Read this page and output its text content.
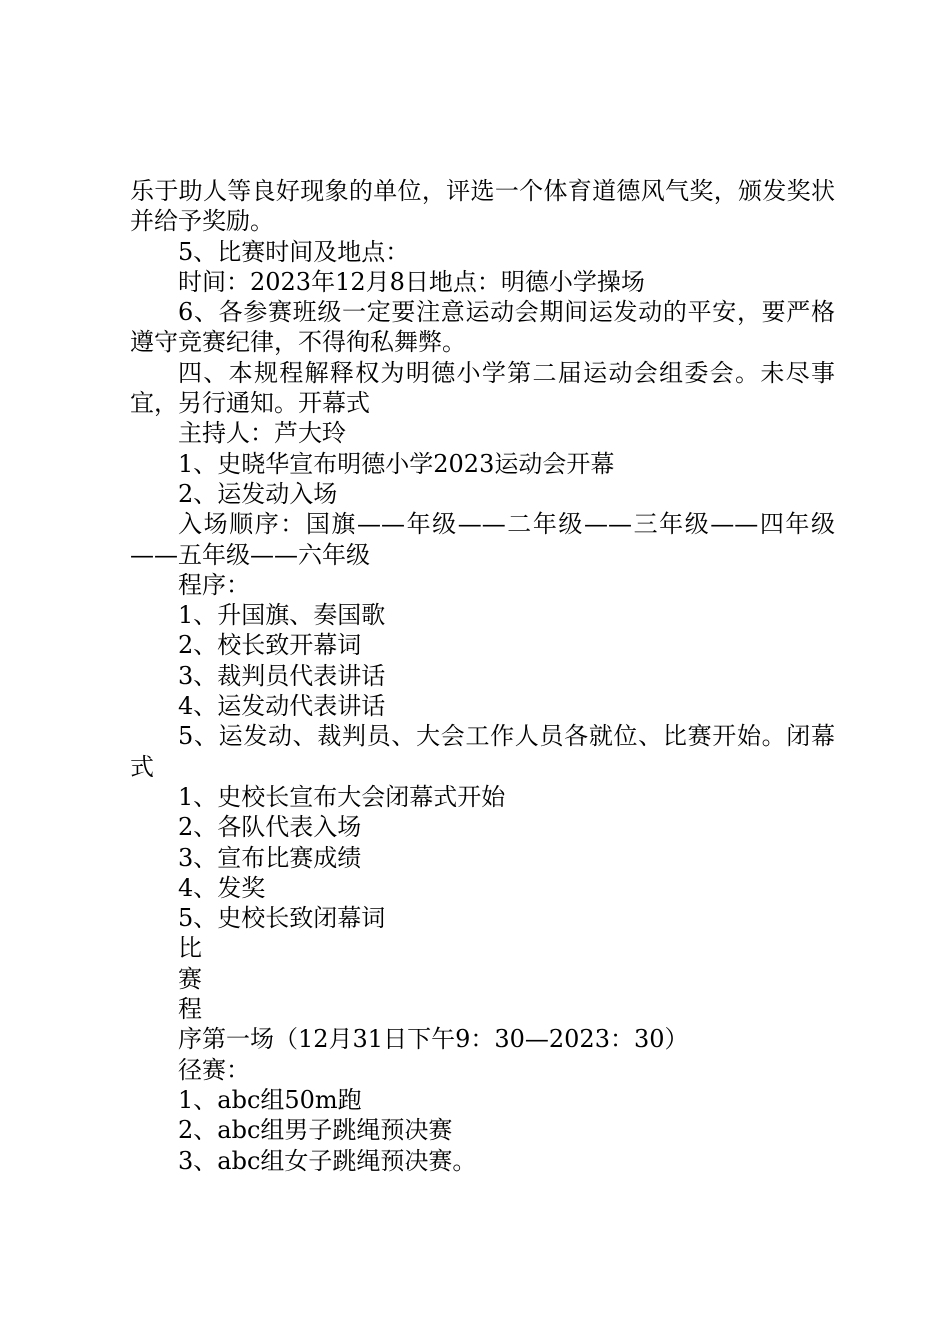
乐于助人等良好现象的单位，评选一个体育道德风气奖，颁发奖状并给予奖励。

5、比赛时间及地点：

时间：2023年12月8日地点：明德小学操场

6、各参赛班级一定要注意运动会期间运发动的平安，要严格遵守竞赛纪律，不得徇私舞弊。

四、本规程解释权为明德小学第二届运动会组委会。未尽事宜，另行通知。开幕式

主持人：芦大玲

1、史晓华宣布明德小学2023运动会开幕

2、运发动入场

入场顺序：国旗——年级——二年级——三年级——四年级——五年级——六年级

程序：

1、升国旗、奏国歌

2、校长致开幕词

3、裁判员代表讲话

4、运发动代表讲话

5、运发动、裁判员、大会工作人员各就位、比赛开始。闭幕式

1、史校长宣布大会闭幕式开始

2、各队代表入场

3、宣布比赛成绩

4、发奖

5、史校长致闭幕词

比

赛

程

序第一场（12月31日下午9：30—2023：30）

径赛：

1、abc组50m跑

2、abc组男子跳绳预决赛

3、abc组女子跳绳预决赛。
